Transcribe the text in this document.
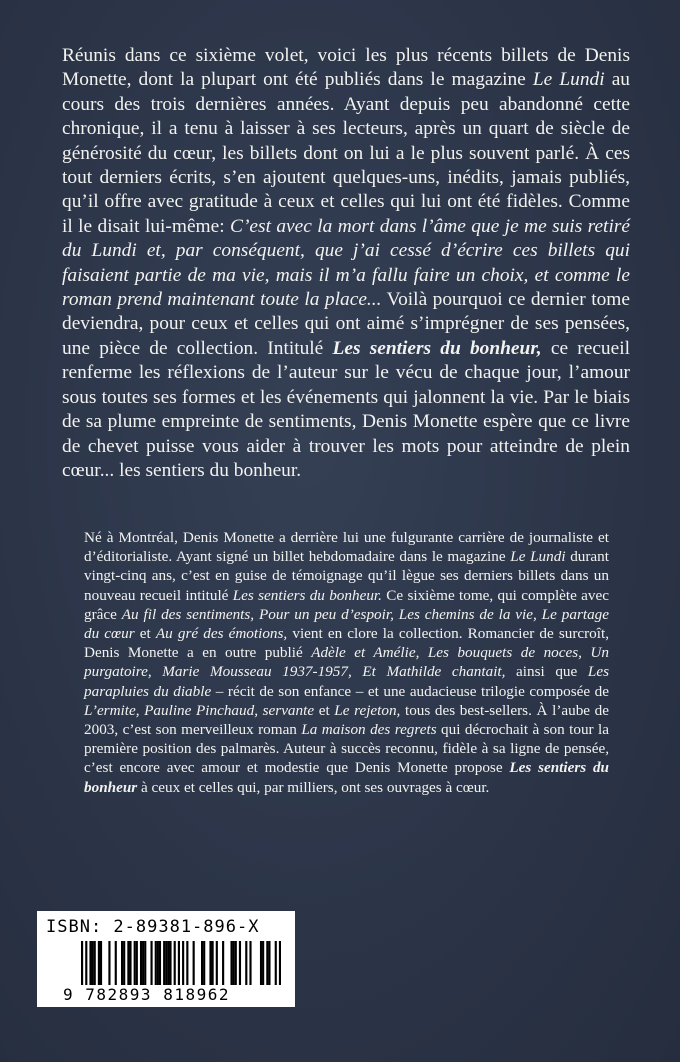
Réunis dans ce sixième volet, voici les plus récents billets de Denis Monette, dont la plupart ont été publiés dans le magazine Le Lundi au cours des trois dernières années. Ayant depuis peu abandonné cette chronique, il a tenu à laisser à ses lecteurs, après un quart de siècle de générosité du cœur, les billets dont on lui a le plus souvent parlé. À ces tout derniers écrits, s’en ajoutent quelques-uns, inédits, jamais publiés, qu’il offre avec gratitude à ceux et celles qui lui ont été fidèles. Comme il le disait lui-même: C’est avec la mort dans l’âme que je me suis retiré du Lundi et, par conséquent, que j’ai cessé d’écrire ces billets qui faisaient partie de ma vie, mais il m’a fallu faire un choix, et comme le roman prend maintenant toute la place... Voilà pourquoi ce dernier tome deviendra, pour ceux et celles qui ont aimé s’imprégner de ses pensées, une pièce de collection. Intitulé Les sentiers du bonheur, ce recueil renferme les réflexions de l’auteur sur le vécu de chaque jour, l’amour sous toutes ses formes et les événements qui jalonnent la vie. Par le biais de sa plume empreinte de sentiments, Denis Monette espère que ce livre de chevet puisse vous aider à trouver les mots pour atteindre de plein cœur... les sentiers du bonheur.

Né à Montréal, Denis Monette a derrière lui une fulgurante carrière de journaliste et d’éditorialiste. Ayant signé un billet hebdomadaire dans le magazine Le Lundi durant vingt-cinq ans, c’est en guise de témoignage qu’il lègue ses derniers billets dans un nouveau recueil intitulé Les sentiers du bonheur. Ce sixième tome, qui complète avec grâce Au fil des sentiments, Pour un peu d’espoir, Les chemins de la vie, Le partage du cœur et Au gré des émotions, vient en clore la collection. Romancier de surcroît, Denis Monette a en outre publié Adèle et Amélie, Les bouquets de noces, Un purgatoire, Marie Mousseau 1937-1957, Et Mathilde chantait, ainsi que Les parapluies du diable – récit de son enfance – et une audacieuse trilogie composée de L’ermite, Pauline Pinchaud, servante et Le rejeton, tous des best-sellers. À l’aube de 2003, c’est son merveilleux roman La maison des regrets qui décrochait à son tour la première position des palmarès. Auteur à succès reconnu, fidèle à sa ligne de pensée, c’est encore avec amour et modestie que Denis Monette propose Les sentiers du bonheur à ceux et celles qui, par milliers, ont ses ouvrages à cœur.

ISBN: 2-89381-896-X
9 782893 818962
